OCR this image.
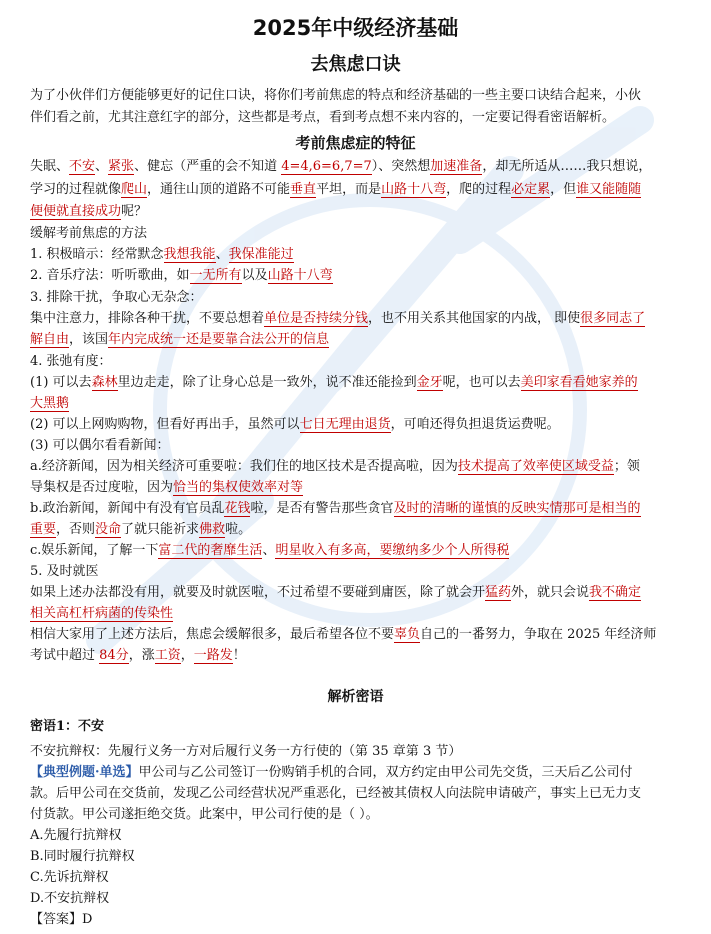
2025年中级经济基础
去焦虑口诀
为了小伙伴们方便能够更好的记住口诀，将你们考前焦虑的特点和经济基础的一些主要口诀结合起来，小伙
伴们看之前，尤其注意红字的部分，这些都是考点，看到考点想不来内容的，一定要记得看密语解析。
考前焦虑症的特征
失眠、不安、紧张、健忘（严重的会不知道 4=4,6=6,7=7）、突然想加速准备，却无所适从……我只想说，
学习的过程就像爬山，通往山顶的道路不可能垂直平坦，而是山路十八弯，爬的过程必定累，但谁又能随随
便便就直接成功呢？
缓解考前焦虑的方法
1. 积极暗示：经常默念我想我能、我保准能过
2. 音乐疗法：听听歌曲，如一无所有以及山路十八弯
3. 排除干扰，争取心无杂念：
集中注意力，排除各种干扰，不要总想着单位是否持续分钱，也不用关系其他国家的内战， 即使很多同志了
解自由，该国年内完成统一还是要靠合法公开的信息
4. 张弛有度：
(1) 可以去森林里边走走，除了让身心总是一致外，说不准还能捡到金牙呢，也可以去美印家看看她家养的
大黑鹅
(2) 可以上网购购物，但看好再出手，虽然可以七日无理由退货，可咱还得负担退货运费呢。
(3) 可以偶尔看看新闻：
a.经济新闻，因为相关经济可重要啦：我们住的地区技术是否提高啦，因为技术提高了效率使区域受益；领
导集权是否过度啦，因为恰当的集权使效率对等
b.政治新闻，新闻中有没有官员乱花钱啦，是否有警告那些贪官及时的清晰的谨慎的反映实情那可是相当的
重要，否则没命了就只能祈求佛救啦。
c.娱乐新闻，了解一下富二代的奢靡生活、明星收入有多高，要缴纳多少个人所得税
5. 及时就医
如果上述办法都没有用，就要及时就医啦，不过希望不要碰到庸医，除了就会开猛药外，就只会说我不确定
相关高杠杆病菌的传染性
相信大家用了上述方法后，焦虑会缓解很多，最后希望各位不要辜负自己的一番努力，争取在 2025 年经济师
考试中超过 84分，涨工资，一路发！
解析密语
密语1：不安
不安抗辩权：先履行义务一方对后履行义务一方行使的（第 35 章第 3 节）
【典型例题·单选】甲公司与乙公司签订一份购销手机的合同，双方约定由甲公司先交货，三天后乙公司付
款。后甲公司在交货前，发现乙公司经营状况严重恶化，已经被其债权人向法院申请破产，事实上已无力支
付货款。甲公司遂拒绝交货。此案中，甲公司行使的是（ ）。
A.先履行抗辩权
B.同时履行抗辩权
C.先诉抗辩权
D.不安抗辩权
【答案】D
